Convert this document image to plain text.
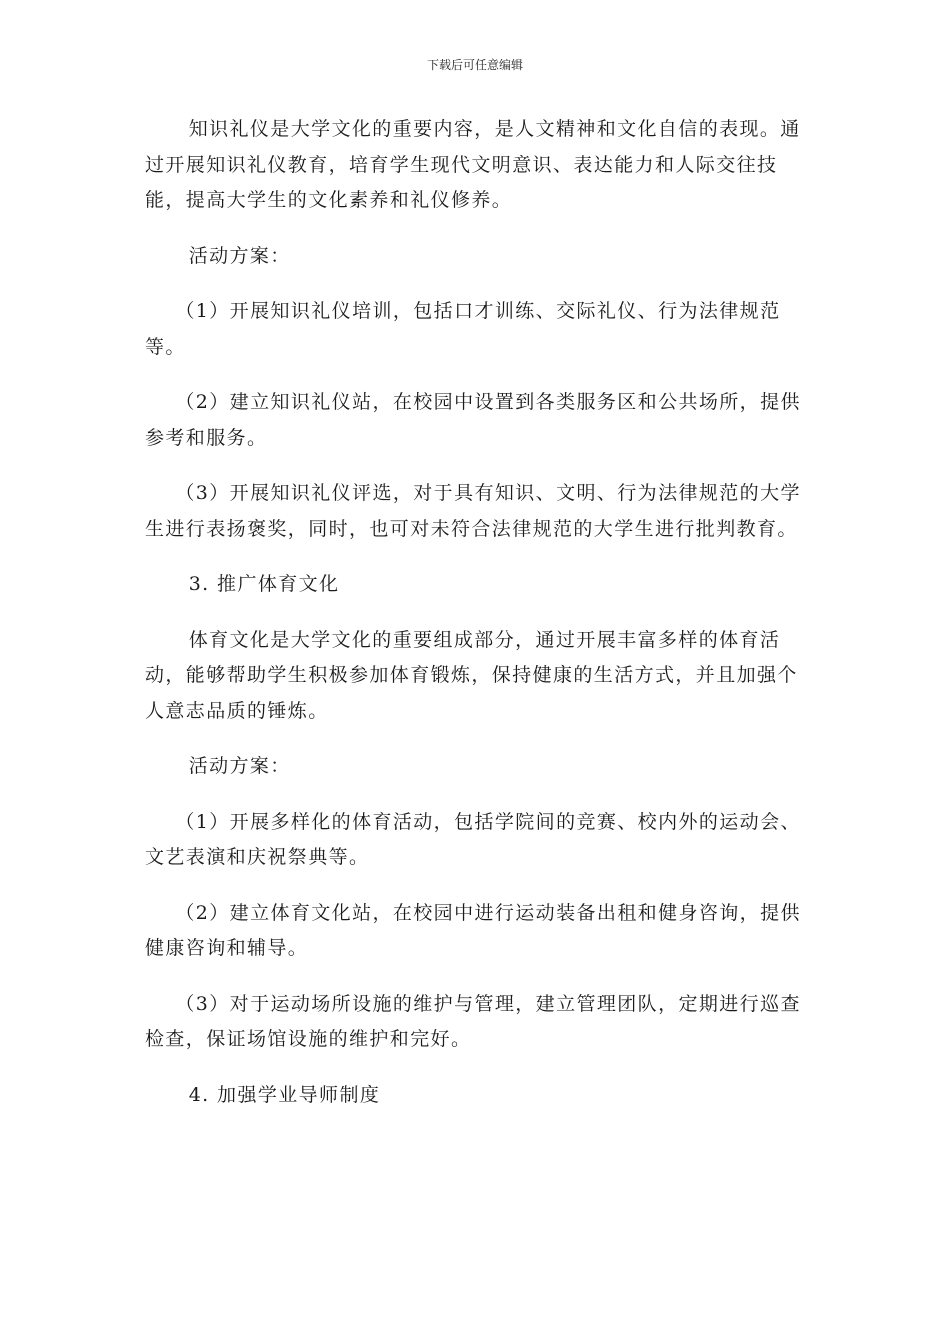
下载后可任意编辑

知识礼仪是大学文化的重要内容，是人文精神和文化自信的表现。通过开展知识礼仪教育，培育学生现代文明意识、表达能力和人际交往技能，提高大学生的文化素养和礼仪修养。

活动方案：

（1）开展知识礼仪培训，包括口才训练、交际礼仪、行为法律规范等。

（2）建立知识礼仪站，在校园中设置到各类服务区和公共场所，提供参考和服务。

（3）开展知识礼仪评选，对于具有知识、文明、行为法律规范的大学生进行表扬褒奖，同时，也可对未符合法律规范的大学生进行批判教育。

3. 推广体育文化

体育文化是大学文化的重要组成部分，通过开展丰富多样的体育活动，能够帮助学生积极参加体育锻炼，保持健康的生活方式，并且加强个人意志品质的锤炼。

活动方案：

（1）开展多样化的体育活动，包括学院间的竞赛、校内外的运动会、文艺表演和庆祝祭典等。

（2）建立体育文化站，在校园中进行运动装备出租和健身咨询，提供健康咨询和辅导。

（3）对于运动场所设施的维护与管理，建立管理团队，定期进行巡查检查，保证场馆设施的维护和完好。

4. 加强学业导师制度
